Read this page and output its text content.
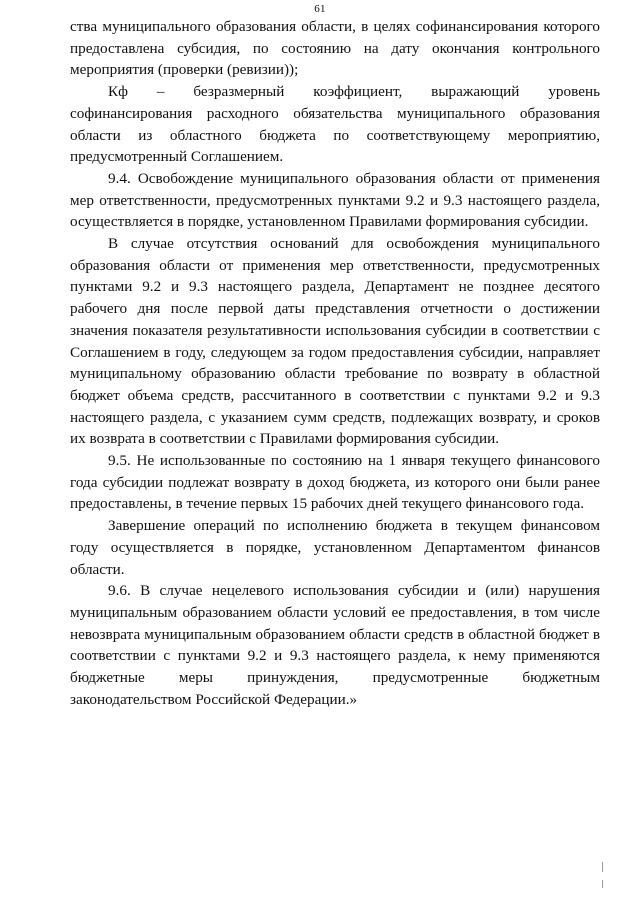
61

ства муниципального образования области, в целях софинансирования которого предоставлена субсидия, по состоянию на дату окончания контрольного мероприятия (проверки (ревизии));

Кф – безразмерный коэффициент, выражающий уровень софинансирования расходного обязательства муниципального образования области из областного бюджета по соответствующему мероприятию, предусмотренный Соглашением.

9.4. Освобождение муниципального образования области от применения мер ответственности, предусмотренных пунктами 9.2 и 9.3 настоящего раздела, осуществляется в порядке, установленном Правилами формирования субсидии.

В случае отсутствия оснований для освобождения муниципального образования области от применения мер ответственности, предусмотренных пунктами 9.2 и 9.3 настоящего раздела, Департамент не позднее десятого рабочего дня после первой даты представления отчетности о достижении значения показателя результативности использования субсидии в соответствии с Соглашением в году, следующем за годом предоставления субсидии, направляет муниципальному образованию области требование по возврату в областной бюджет объема средств, рассчитанного в соответствии с пунктами 9.2 и 9.3 настоящего раздела, с указанием сумм средств, подлежащих возврату, и сроков их возврата в соответствии с Правилами формирования субсидии.

9.5. Не использованные по состоянию на 1 января текущего финансового года субсидии подлежат возврату в доход бюджета, из которого они были ранее предоставлены, в течение первых 15 рабочих дней текущего финансового года.

Завершение операций по исполнению бюджета в текущем финансовом году осуществляется в порядке, установленном Департаментом финансов области.

9.6. В случае нецелевого использования субсидии и (или) нарушения муниципальным образованием области условий ее предоставления, в том числе невозврата муниципальным образованием области средств в областной бюджет в соответствии с пунктами 9.2 и 9.3 настоящего раздела, к нему применяются бюджетные меры принуждения, предусмотренные бюджетным законодательством Российской Федерации.»
